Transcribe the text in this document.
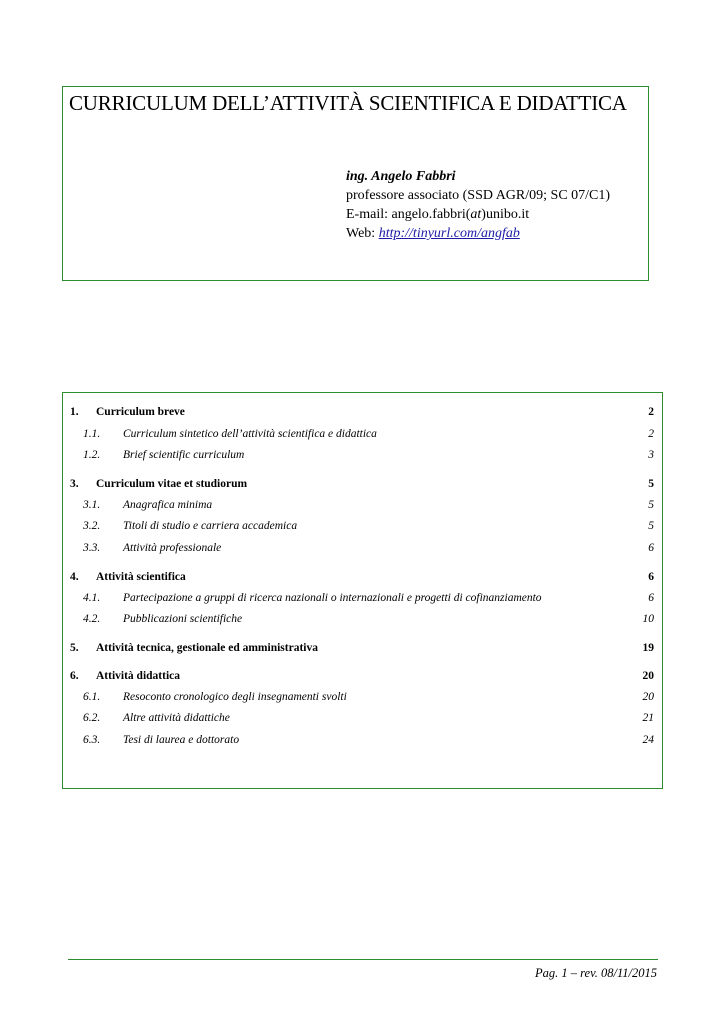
CURRICULUM DELL’ATTIVITÀ SCIENTIFICA E DIDATTICA
ing. Angelo Fabbri
professore associato (SSD AGR/09; SC 07/C1)
E-mail: angelo.fabbri(at)unibo.it
Web: http://tinyurl.com/angfab
1. Curriculum breve	2
1.1. Curriculum sintetico dell’attività scientifica e didattica	2
1.2. Brief scientific curriculum	3
3. Curriculum vitae et studiorum	5
3.1. Anagrafica minima	5
3.2. Titoli di studio e carriera accademica	5
3.3. Attività professionale	6
4. Attività scientifica	6
4.1. Partecipazione a gruppi di ricerca nazionali o internazionali e progetti di cofinanziamento	6
4.2. Pubblicazioni scientifiche	10
5. Attività tecnica, gestionale ed amministrativa	19
6. Attività didattica	20
6.1. Resoconto cronologico degli insegnamenti svolti	20
6.2. Altre attività didattiche	21
6.3. Tesi di laurea e dottorato	24
Pag. 1 – rev. 08/11/2015
